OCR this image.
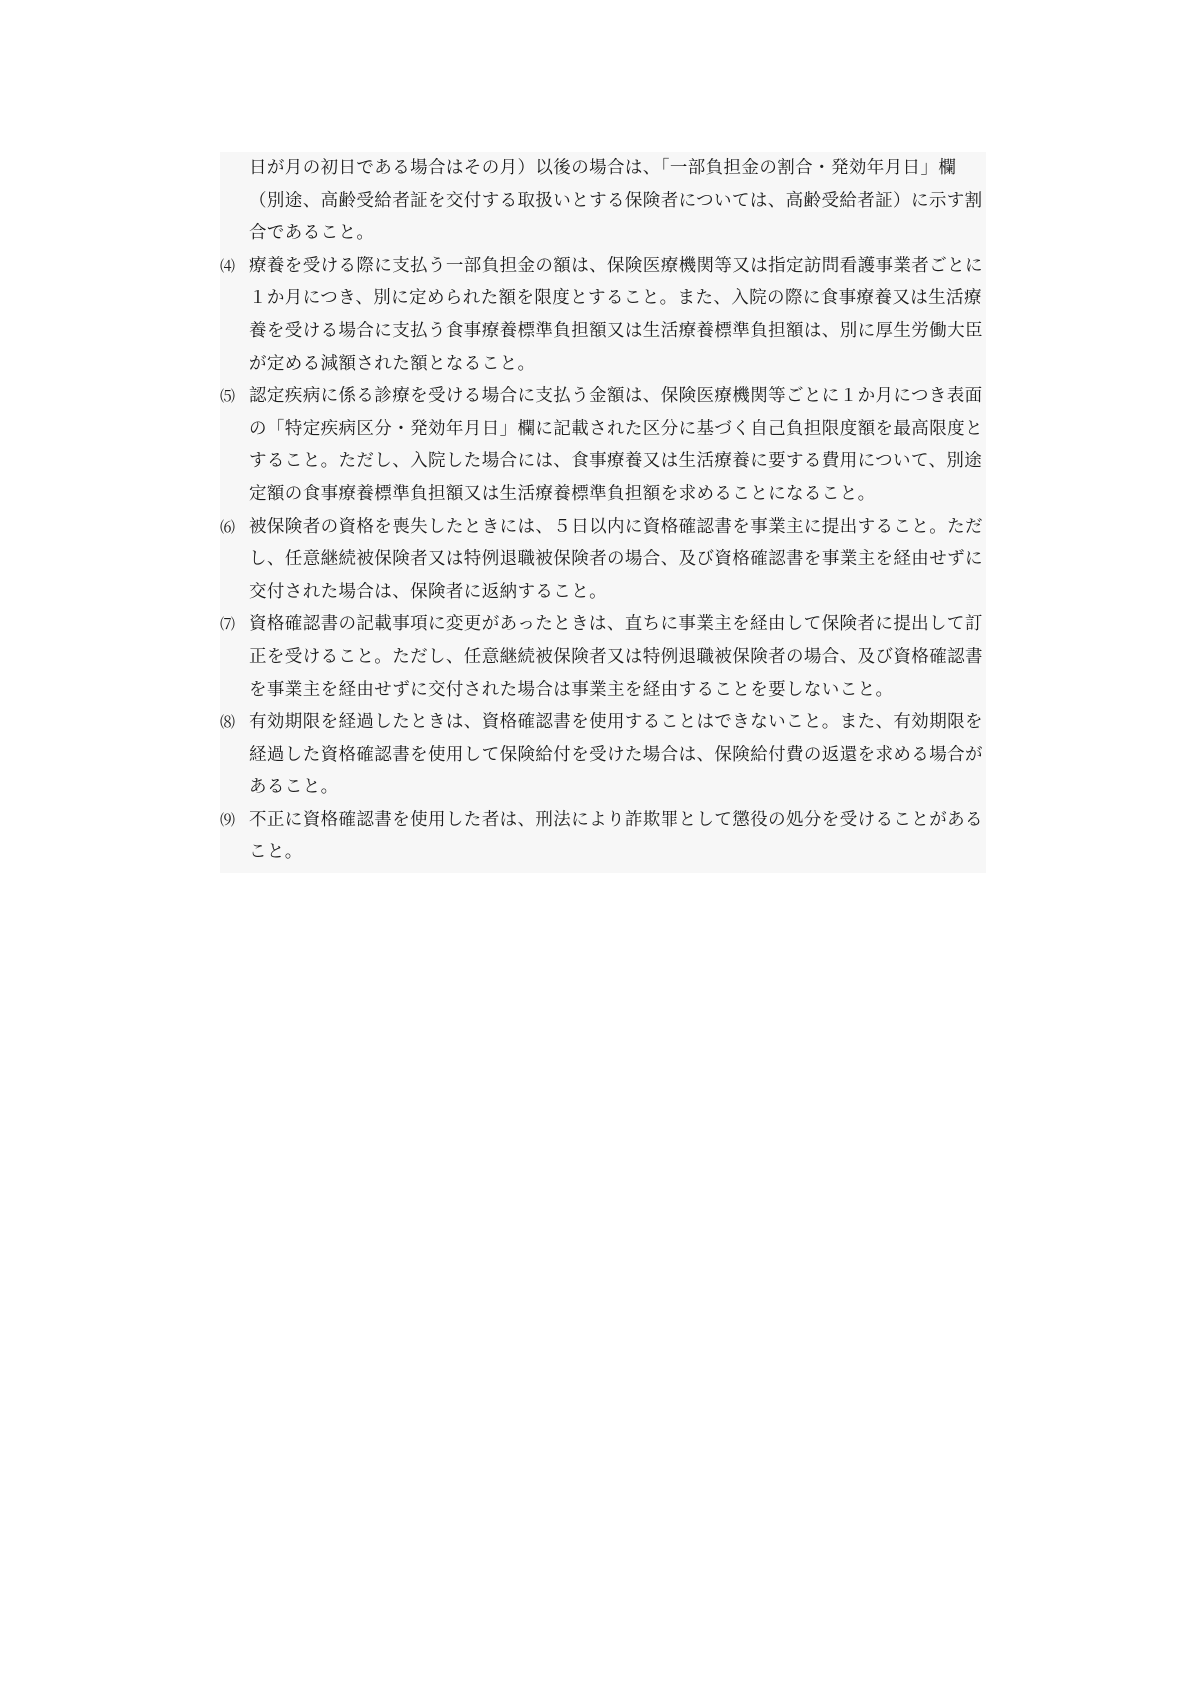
日が月の初日である場合はその月）以後の場合は、「一部負担金の割合・発効年月日」欄（別途、高齢受給者証を交付する取扱いとする保険者については、高齢受給者証）に示す割合であること。

⑷ 療養を受ける際に支払う一部負担金の額は、保険医療機関等又は指定訪問看護事業者ごとに１か月につき、別に定められた額を限度とすること。また、入院の際に食事療養又は生活療養を受ける場合に支払う食事療養標準負担額又は生活療養標準負担額は、別に厚生労働大臣が定める減額された額となること。

⑸ 認定疾病に係る診療を受ける場合に支払う金額は、保険医療機関等ごとに１か月につき表面の「特定疾病区分・発効年月日」欄に記載された区分に基づく自己負担限度額を最高限度とすること。ただし、入院した場合には、食事療養又は生活療養に要する費用について、別途定額の食事療養標準負担額又は生活療養標準負担額を求めることになること。

⑹ 被保険者の資格を喪失したときには、５日以内に資格確認書を事業主に提出すること。ただし、任意継続被保険者又は特例退職被保険者の場合、及び資格確認書を事業主を経由せずに交付された場合は、保険者に返納すること。

⑺ 資格確認書の記載事項に変更があったときは、直ちに事業主を経由して保険者に提出して訂正を受けること。ただし、任意継続被保険者又は特例退職被保険者の場合、及び資格確認書を事業主を経由せずに交付された場合は事業主を経由することを要しないこと。

⑻ 有効期限を経過したときは、資格確認書を使用することはできないこと。また、有効期限を経過した資格確認書を使用して保険給付を受けた場合は、保険給付費の返還を求める場合があること。

⑼ 不正に資格確認書を使用した者は、刑法により詐欺罪として懲役の処分を受けることがあること。
